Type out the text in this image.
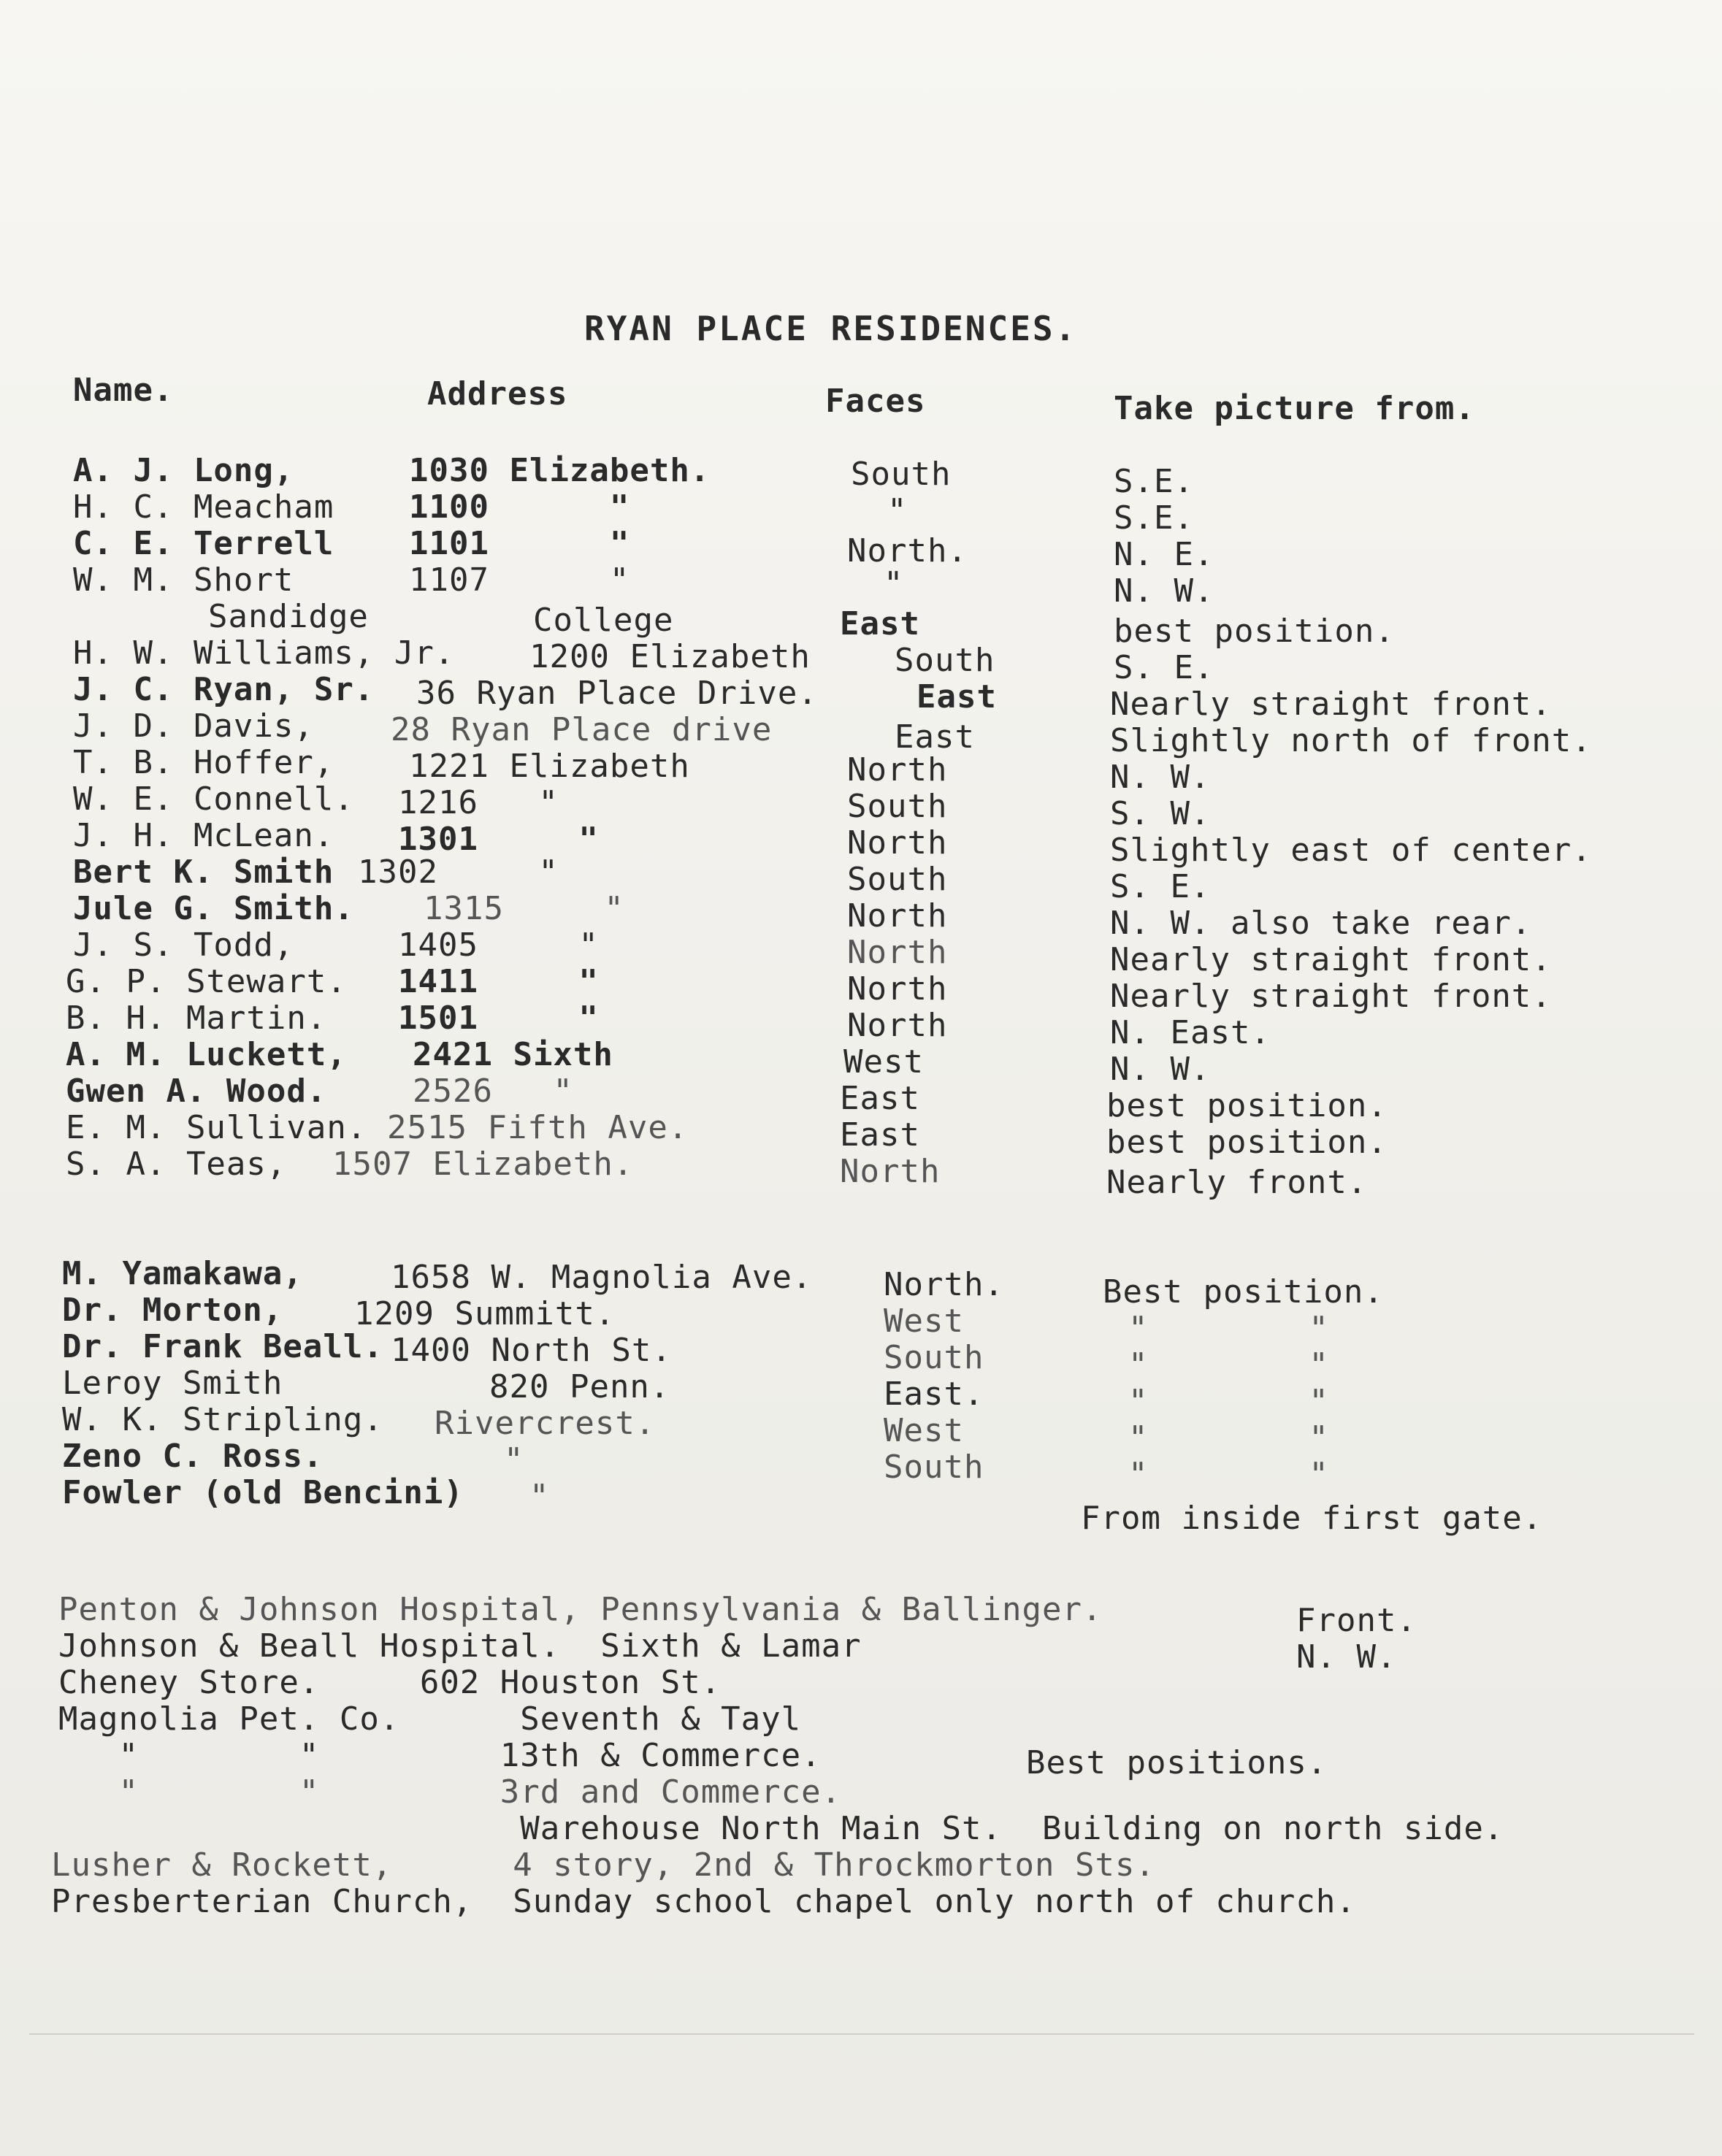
RYAN PLACE RESIDENCES.
Name.	Address	Faces	Take picture from.
A. J. Long,	1030 Elizabeth.	South	S.E.
H. C. Meacham 1100      "	"	S.E.
C. E. Terrell 1101      "	North.	N. E.
W. M. Short	1107      "	"	N. W.
Sandidge	College	East	best position.
H. W. Williams, Jr. 1200 Elizabeth	South	S. E.
J. C. Ryan, Sr. 36 Ryan Place Drive.	East	Nearly straight front.
J. D. Davis, 28 Ryan Place drive	East	Slightly north of front.
T. B. Hoffer, 1221 Elizabeth	North	N. W.
W. E. Connell. 1216   "	South	S. W.
J. H. McLean. 1301     "	North	Slightly east of center.
Bert K. Smith 1302     "	South	S. E.
Jule G. Smith. 1315     "	North	N. W. also take rear.
J. S. Todd,	1405     "	North	Nearly straight front.
G. P. Stewart. 1411     "	North	Nearly straight front.
B. H. Martin. 1501     "	North	N. East.
A. M. Luckett, 2421 Sixth	West	N. W.
Gwen A. Wood.	2526   "	East	best position.
E. M. Sullivan. 2515 Fifth Ave.	East	best position.
S. A. Teas, 1507 Elizabeth.	North	Nearly front.
M. Yamakawa,	1658 W. Magnolia Ave. North.	Best position.
Dr. Morton, 1209 Summitt.	West	"        "
Dr. Frank Beall. 1400 North St.	South	"        "
Leroy Smith	820 Penn.	East.	"        "
W. K. Stripling. Rivercrest.	West	"        "
Zeno C. Ross.	"	South	"        "
Fowler (old Bencini) "
From inside first gate.
Penton & Johnson Hospital, Pennsylvania & Ballinger.	Front.
Johnson & Beall Hospital.  Sixth & Lamar	N. W.
Cheney Store.     602 Houston St.
Magnolia Pet. Co.      Seventh & Tayl
"        "         13th & Commerce.	Best positions.
"        "         3rd and Commerce.
Warehouse North Main St.  Building on north side.
Lusher & Rockett,      4 story, 2nd & Throckmorton Sts.
Presberterian Church,  Sunday school chapel only north of church.
